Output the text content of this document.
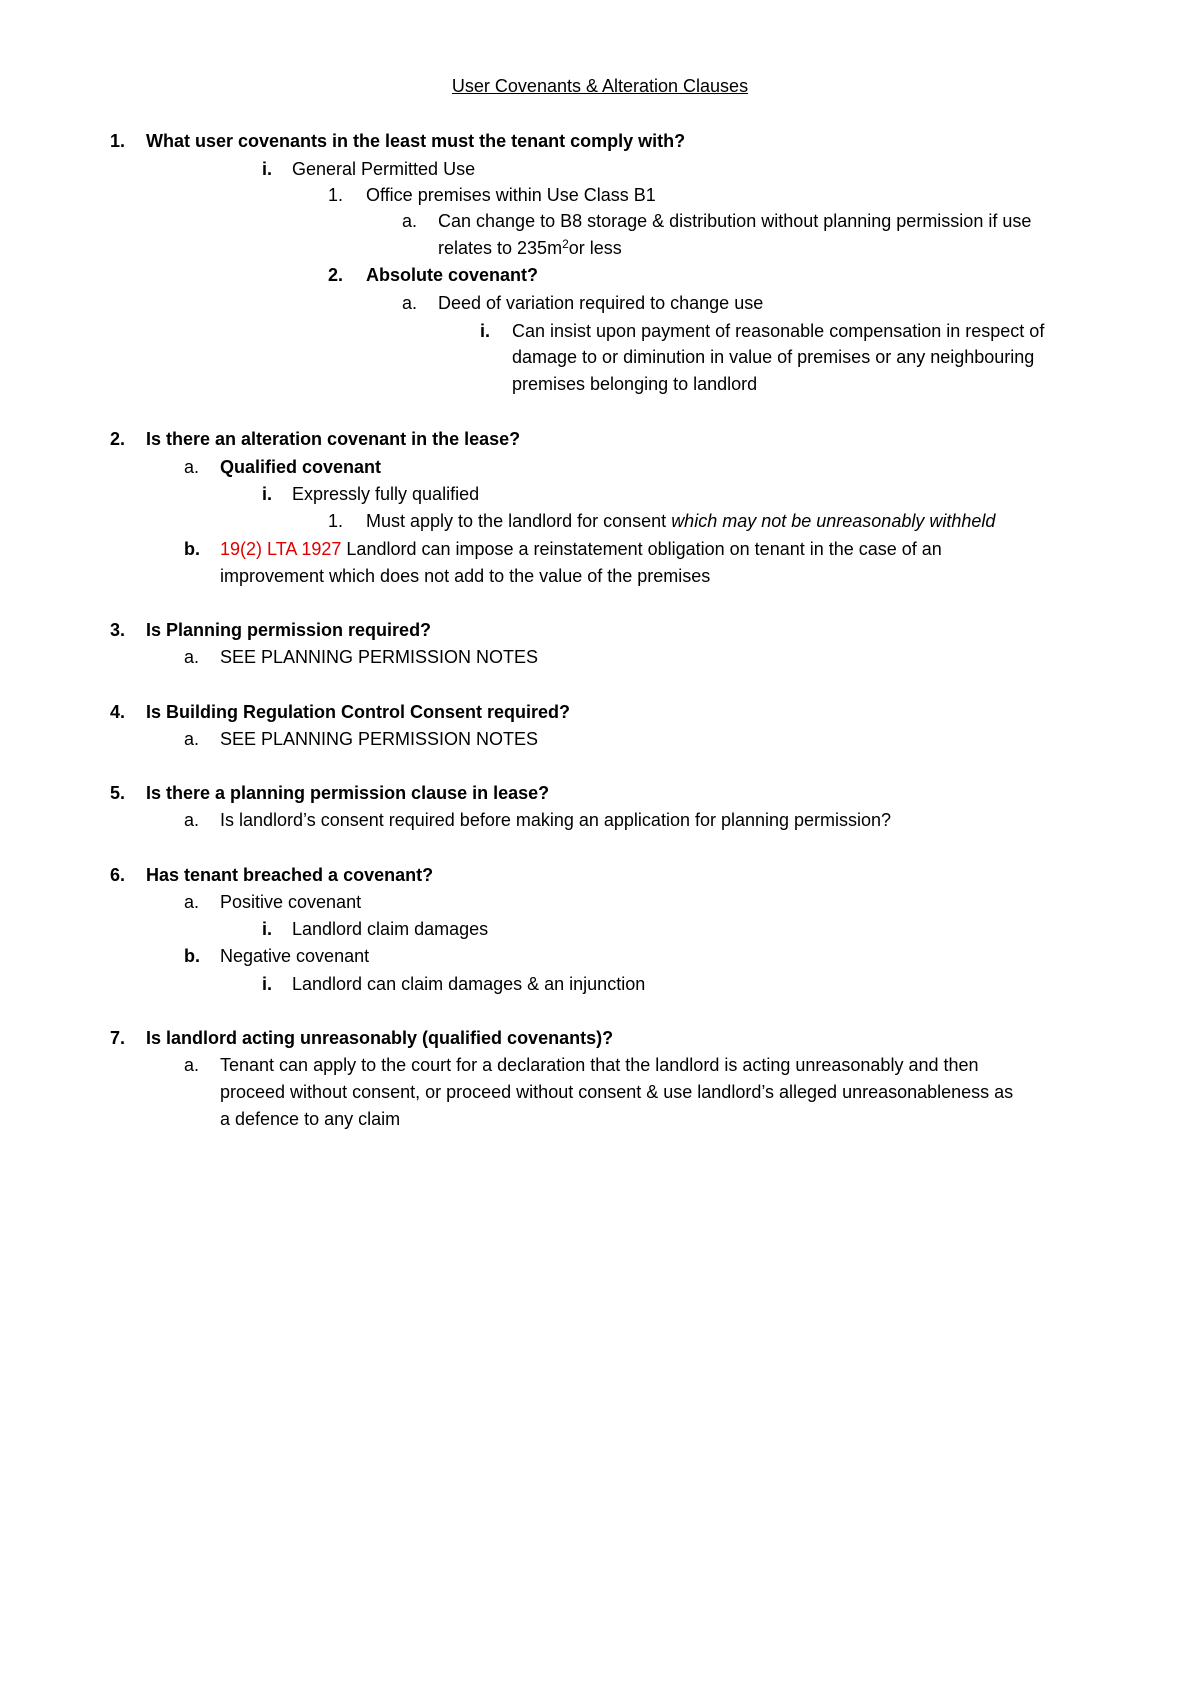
User Covenants & Alteration Clauses
1. What user covenants in the least must the tenant comply with?
i. General Permitted Use
1. Office premises within Use Class B1
a. Can change to B8 storage & distribution without planning permission if use
relates to $235m^2or$ less
2. Absolute covenant?
a. Deed of variation required to change use
i. Can insist upon payment of reasonable compensation in respect of
damage to or diminution in value of premises or any neighbouring
premises belonging to landlord
2. Is there an alteration covenant in the lease?
a. Qualified covenant
i. Expressly fully qualified
1. Must apply to the landlord for consent which may not be unreasonably withheld
b. 19(2) LTA 1927 Landlord can impose a reinstatement obligation on tenant in the case of an
improvement which does not add to the value of the premises
3. Is Planning permission required?
a. SEE PLANNING PERMISSION NOTES
4. Is Building Regulation Control Consent required?
a. SEE PLANNING PERMISSION NOTES
5. Is there a planning permission clause in lease?
a. Is landlord’s consent required before making an application for planning permission?
6. Has tenant breached a covenant?
a. Positive covenant
i. Landlord claim damages
b. Negative covenant
i. Landlord can claim damages & an injunction
7. Is landlord acting unreasonably (qualified covenants)?
a. Tenant can apply to the court for a declaration that the landlord is acting unreasonably and then
proceed without consent, or proceed without consent & use landlord’s alleged unreasonableness as
a defence to any claim
